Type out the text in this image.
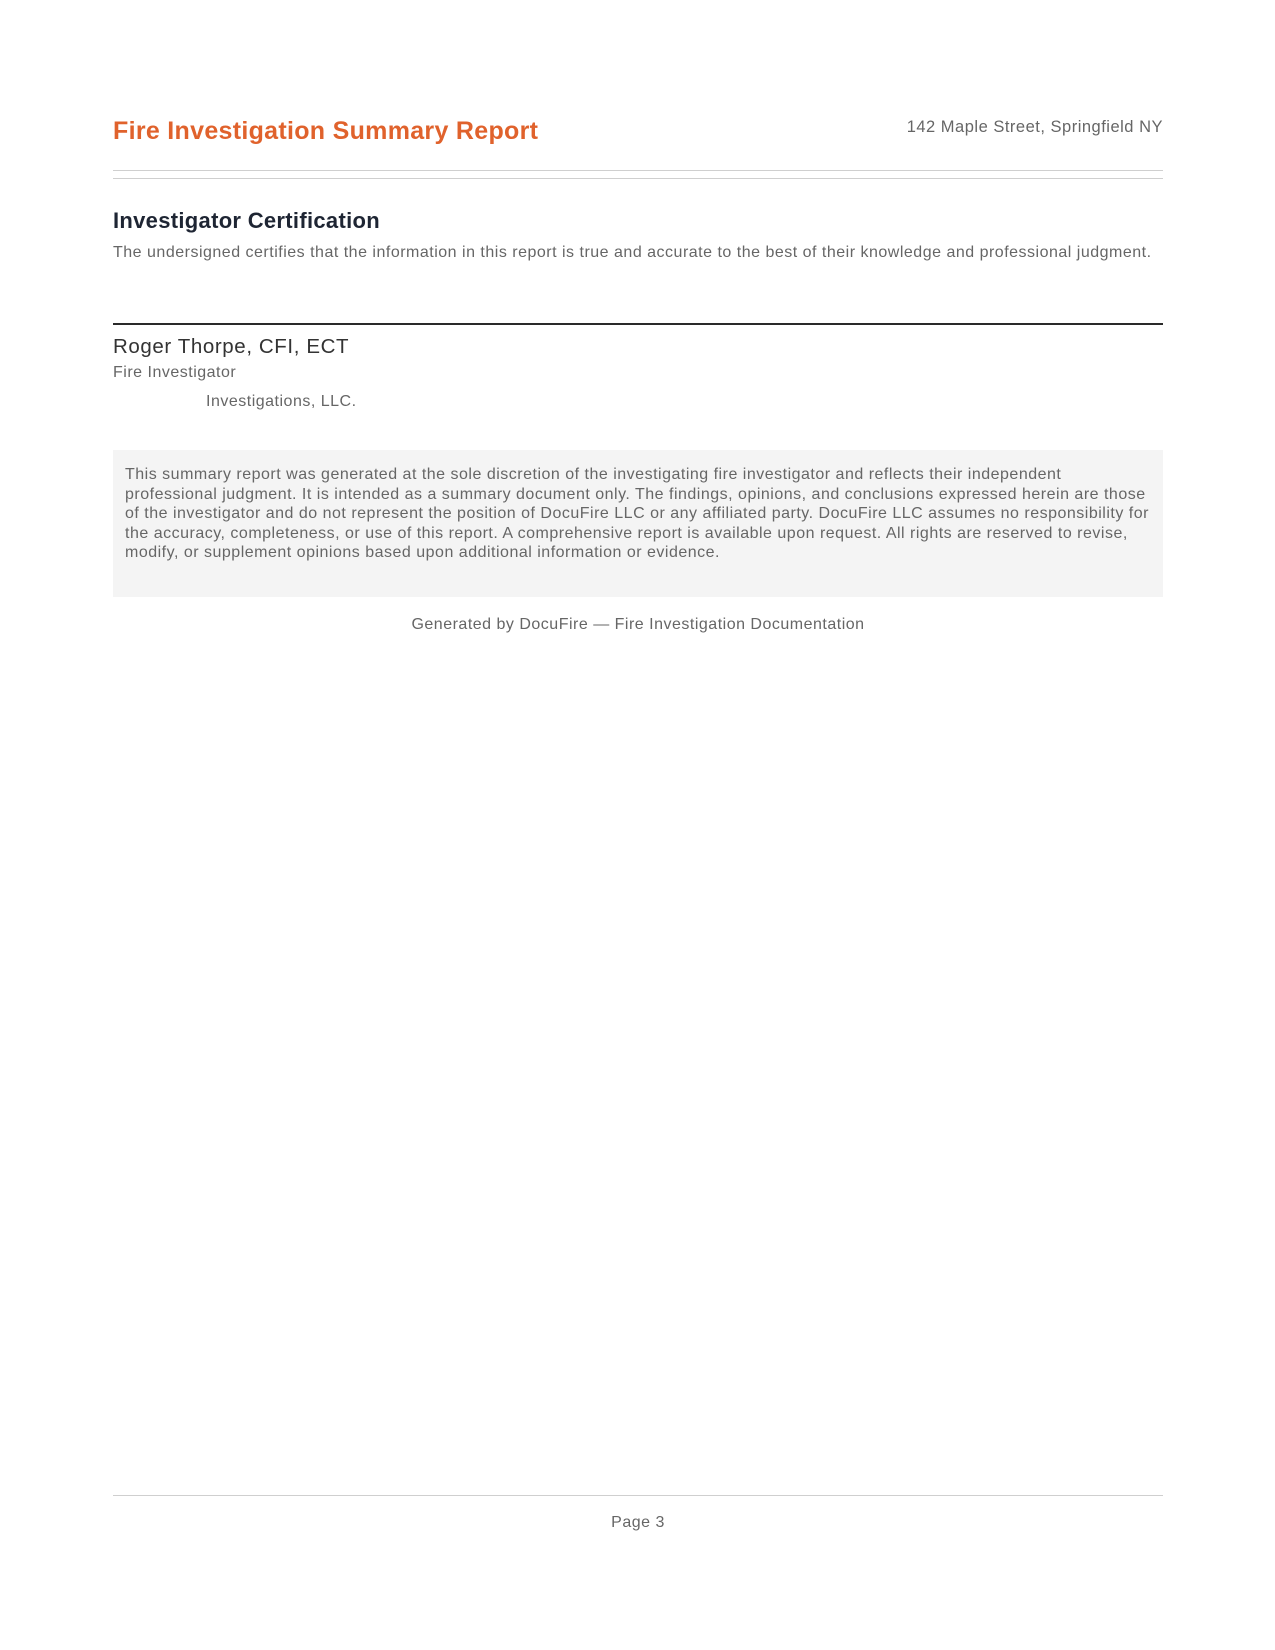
Fire Investigation Summary Report	142 Maple Street, Springfield NY
Investigator Certification

The undersigned certifies that the information in this report is true and accurate to the best of their knowledge and professional judgment.

Roger Thorpe, CFI, ECT
Fire Investigator
Investigations, LLC.

This summary report was generated at the sole discretion of the investigating fire investigator and reflects their independent professional judgment. It is intended as a summary document only. The findings, opinions, and conclusions expressed herein are those of the investigator and do not represent the position of DocuFire LLC or any affiliated party. DocuFire LLC assumes no responsibility for the accuracy, completeness, or use of this report. A comprehensive report is available upon request. All rights are reserved to revise, modify, or supplement opinions based upon additional information or evidence.

Generated by DocuFire — Fire Investigation Documentation
Page 3
